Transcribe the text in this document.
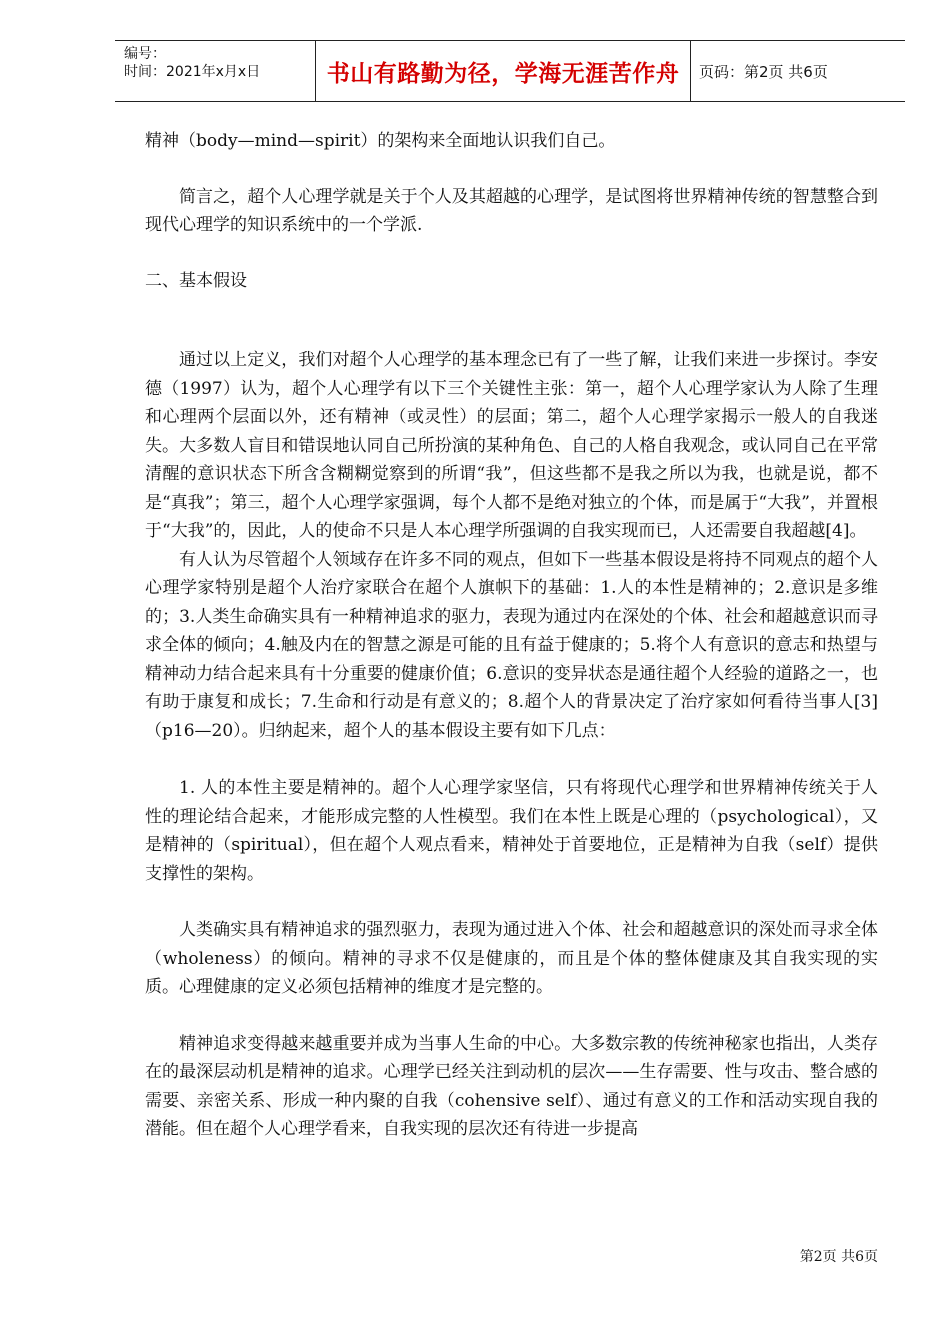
编号：
时间：2021年x月x日	书山有路勤为径，学海无涯苦作舟	页码：第2页 共6页

精神（body—mind—spirit）的架构来全面地认识我们自己。

简言之，超个人心理学就是关于个人及其超越的心理学，是试图将世界精神传统的智慧整合到现代心理学的知识系统中的一个学派.

二、基本假设

通过以上定义，我们对超个人心理学的基本理念已有了一些了解，让我们来进一步探讨。李安德（1997）认为，超个人心理学有以下三个关键性主张：第一，超个人心理学家认为人除了生理和心理两个层面以外，还有精神（或灵性）的层面；第二，超个人心理学家揭示一般人的自我迷失。大多数人盲目和错误地认同自己所扮演的某种角色、自己的人格自我观念，或认同自己在平常清醒的意识状态下所含含糊糊觉察到的所谓“我”，但这些都不是我之所以为我，也就是说，都不是“真我”；第三，超个人心理学家强调，每个人都不是绝对独立的个体，而是属于“大我”，并置根于“大我”的，因此，人的使命不只是人本心理学所强调的自我实现而已，人还需要自我超越[4]。

有人认为尽管超个人领域存在许多不同的观点，但如下一些基本假设是将持不同观点的超个人心理学家特别是超个人治疗家联合在超个人旗帜下的基础：1.人的本性是精神的；2.意识是多维的；3.人类生命确实具有一种精神追求的驱力，表现为通过内在深处的个体、社会和超越意识而寻求全体的倾向；4.触及内在的智慧之源是可能的且有益于健康的；5.将个人有意识的意志和热望与精神动力结合起来具有十分重要的健康价值；6.意识的变异状态是通往超个人经验的道路之一，也有助于康复和成长；7.生命和行动是有意义的；8.超个人的背景决定了治疗家如何看待当事人[3]（p16—20）。归纳起来，超个人的基本假设主要有如下几点：

1. 人的本性主要是精神的。超个人心理学家坚信，只有将现代心理学和世界精神传统关于人性的理论结合起来，才能形成完整的人性模型。我们在本性上既是心理的（psychological），又是精神的（spiritual），但在超个人观点看来，精神处于首要地位，正是精神为自我（self）提供支撑性的架构。

人类确实具有精神追求的强烈驱力，表现为通过进入个体、社会和超越意识的深处而寻求全体（wholeness）的倾向。精神的寻求不仅是健康的，而且是个体的整体健康及其自我实现的实质。心理健康的定义必须包括精神的维度才是完整的。

精神追求变得越来越重要并成为当事人生命的中心。大多数宗教的传统神秘家也指出，人类存在的最深层动机是精神的追求。心理学已经关注到动机的层次——生存需要、性与攻击、整合感的需要、亲密关系、形成一种内聚的自我（cohensive self）、通过有意义的工作和活动实现自我的潜能。但在超个人心理学看来，自我实现的层次还有待进一步提高

第2页 共6页
